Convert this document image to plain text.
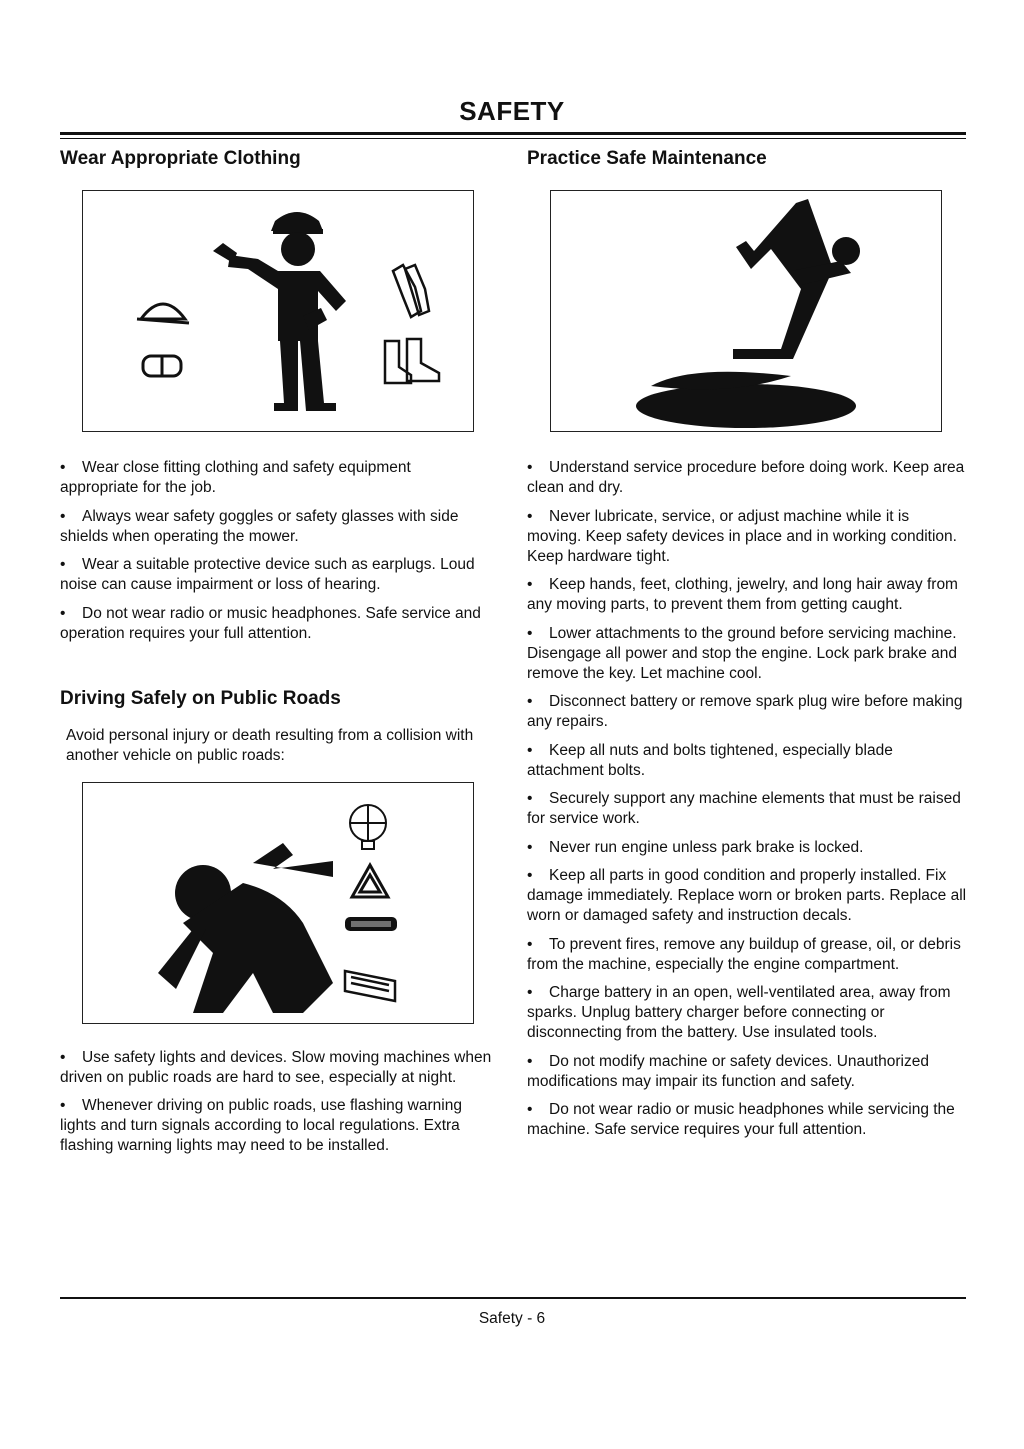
SAFETY
Wear Appropriate Clothing
• Wear close fitting clothing and safety equipment appropriate for the job.
• Always wear safety goggles or safety glasses with side shields when operating the mower.
• Wear a suitable protective device such as earplugs. Loud noise can cause impairment or loss of hearing.
• Do not wear radio or music headphones. Safe service and operation requires your full attention.
Driving Safely on Public Roads

Avoid personal injury or death resulting from a collision with another vehicle on public roads:

• Use safety lights and devices. Slow moving machines when driven on public roads are hard to see, especially at night.
• Whenever driving on public roads, use flashing warning lights and turn signals according to local regulations. Extra flashing warning lights may need to be installed.
Practice Safe Maintenance
• Understand service procedure before doing work. Keep area clean and dry.
• Never lubricate, service, or adjust machine while it is moving. Keep safety devices in place and in working condition. Keep hardware tight.
• Keep hands, feet, clothing, jewelry, and long hair away from any moving parts, to prevent them from getting caught.
• Lower attachments to the ground before servicing machine. Disengage all power and stop the engine. Lock park brake and remove the key. Let machine cool.
• Disconnect battery or remove spark plug wire before making any repairs.
• Keep all nuts and bolts tightened, especially blade attachment bolts.
• Securely support any machine elements that must be raised for service work.
• Never run engine unless park brake is locked.
• Keep all parts in good condition and properly installed. Fix damage immediately. Replace worn or broken parts. Replace all worn or damaged safety and instruction decals.
• To prevent fires, remove any buildup of grease, oil, or debris from the machine, especially the engine compartment.
• Charge battery in an open, well-ventilated area, away from sparks. Unplug battery charger before connecting or disconnecting from the battery. Use insulated tools.
• Do not modify machine or safety devices. Unauthorized modifications may impair its function and safety.
• Do not wear radio or music headphones while servicing the machine. Safe service requires your full attention.
Safety - 6
